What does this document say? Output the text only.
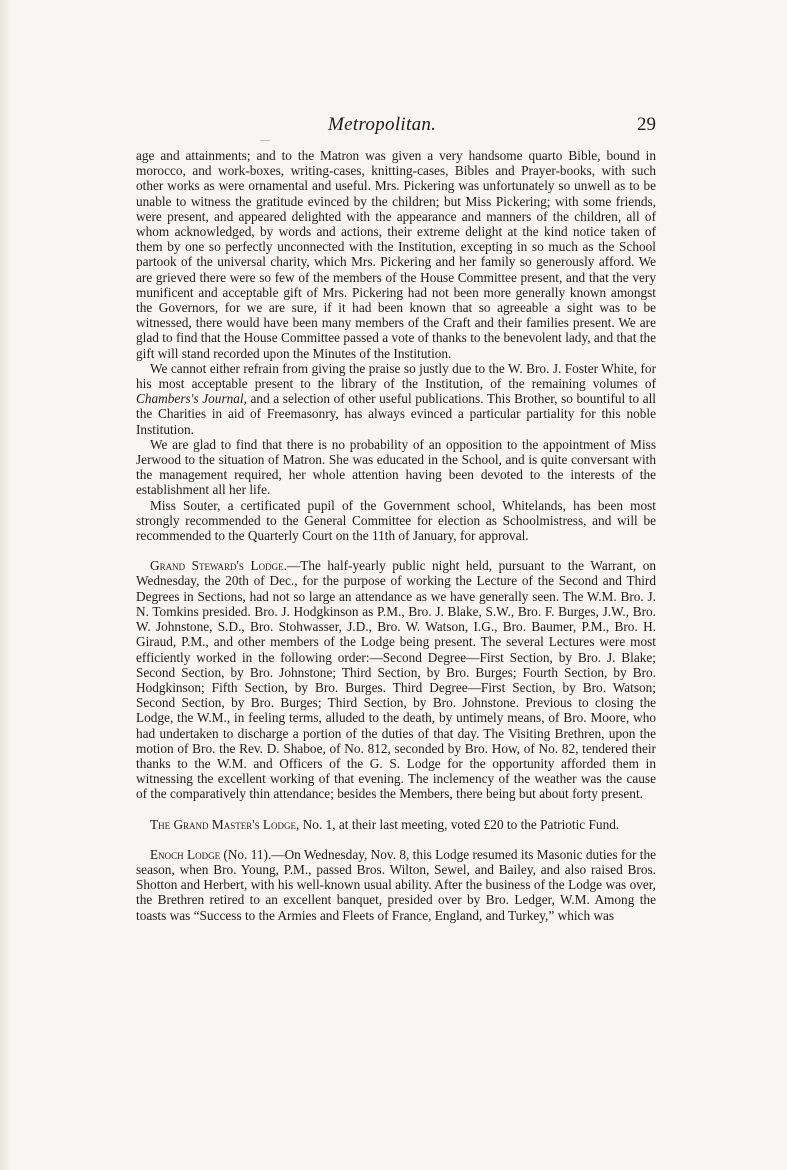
Metropolitan.	29

age and attainments; and to the Matron was given a very handsome quarto Bible, bound in morocco, and work-boxes, writing-cases, knitting-cases, Bibles and Prayer-books, with such other works as were ornamental and useful. Mrs. Pickering was unfortunately so unwell as to be unable to witness the gratitude evinced by the children; but Miss Pickering; with some friends, were present, and appeared delighted with the appearance and manners of the children, all of whom acknowledged, by words and actions, their extreme delight at the kind notice taken of them by one so perfectly unconnected with the Institution, excepting in so much as the School partook of the universal charity, which Mrs. Pickering and her family so generously afford. We are grieved there were so few of the members of the House Committee present, and that the very munificent and acceptable gift of Mrs. Pickering had not been more generally known amongst the Governors, for we are sure, if it had been known that so agreeable a sight was to be witnessed, there would have been many members of the Craft and their families present. We are glad to find that the House Committee passed a vote of thanks to the benevolent lady, and that the gift will stand recorded upon the Minutes of the Institution.

We cannot either refrain from giving the praise so justly due to the W. Bro. J. Foster White, for his most acceptable present to the library of the Institution, of the remaining volumes of Chambers's Journal, and a selection of other useful publications. This Brother, so bountiful to all the Charities in aid of Freemasonry, has always evinced a particular partiality for this noble Institution.

We are glad to find that there is no probability of an opposition to the appointment of Miss Jerwood to the situation of Matron. She was educated in the School, and is quite conversant with the management required, her whole attention having been devoted to the interests of the establishment all her life.

Miss Souter, a certificated pupil of the Government school, Whitelands, has been most strongly recommended to the General Committee for election as Schoolmistress, and will be recommended to the Quarterly Court on the 11th of January, for approval.

Grand Steward's Lodge.—The half-yearly public night held, pursuant to the Warrant, on Wednesday, the 20th of Dec., for the purpose of working the Lecture of the Second and Third Degrees in Sections, had not so large an attendance as we have generally seen. The W.M. Bro. J. N. Tomkins presided. Bro. J. Hodgkinson as P.M., Bro. J. Blake, S.W., Bro. F. Burges, J.W., Bro. W. Johnstone, S.D., Bro. Stohwasser, J.D., Bro. W. Watson, I.G., Bro. Baumer, P.M., Bro. H. Giraud, P.M., and other members of the Lodge being present. The several Lectures were most efficiently worked in the following order:—Second Degree—First Section, by Bro. J. Blake; Second Section, by Bro. Johnstone; Third Section, by Bro. Burges; Fourth Section, by Bro. Hodgkinson; Fifth Section, by Bro. Burges. Third Degree—First Section, by Bro. Watson; Second Section, by Bro. Burges; Third Section, by Bro. Johnstone. Previous to closing the Lodge, the W.M., in feeling terms, alluded to the death, by untimely means, of Bro. Moore, who had undertaken to discharge a portion of the duties of that day. The Visiting Brethren, upon the motion of Bro. the Rev. D. Shaboe, of No. 812, seconded by Bro. How, of No. 82, tendered their thanks to the W.M. and Officers of the G. S. Lodge for the opportunity afforded them in witnessing the excellent working of that evening. The inclemency of the weather was the cause of the comparatively thin attendance; besides the Members, there being but about forty present.

The Grand Master's Lodge, No. 1, at their last meeting, voted £20 to the Patriotic Fund.

Enoch Lodge (No. 11).—On Wednesday, Nov. 8, this Lodge resumed its Masonic duties for the season, when Bro. Young, P.M., passed Bros. Wilton, Sewel, and Bailey, and also raised Bros. Shotton and Herbert, with his well-known usual ability. After the business of the Lodge was over, the Brethren retired to an excellent banquet, presided over by Bro. Ledger, W.M. Among the toasts was “Success to the Armies and Fleets of France, England, and Turkey,” which was
